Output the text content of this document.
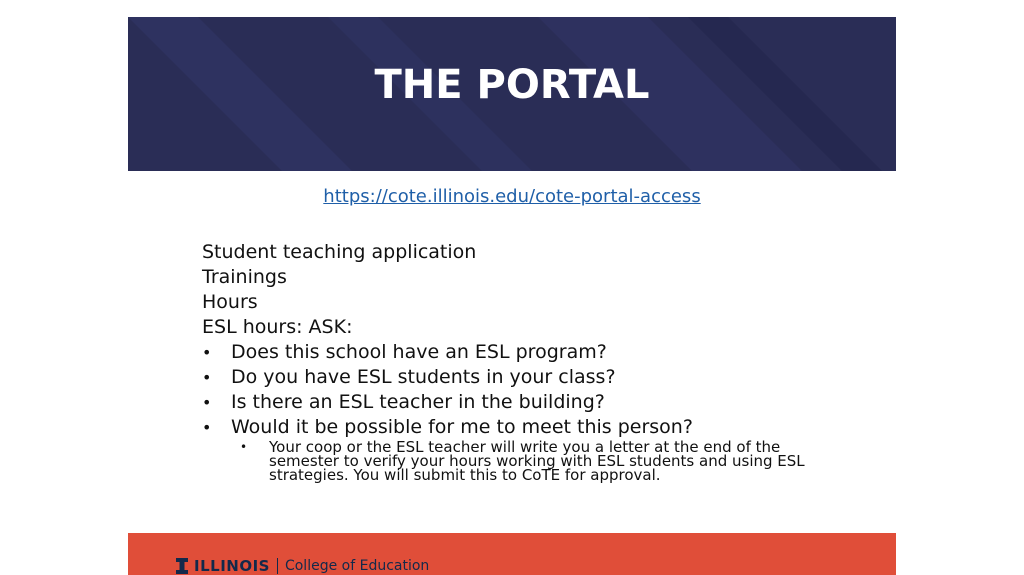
THE PORTAL
https://cote.illinois.edu/cote-portal-access
Student teaching application
Trainings
Hours
ESL hours: ASK:
• Does this school have an ESL program?
• Do you have ESL students in your class?
• Is there an ESL teacher in the building?
• Would it be possible for me to meet this person?
• Your coop or the ESL teacher will write you a letter at the end of the semester to verify your hours working with ESL students and using ESL strategies. You will submit this to CoTE for approval.
ILLINOIS College of Education
